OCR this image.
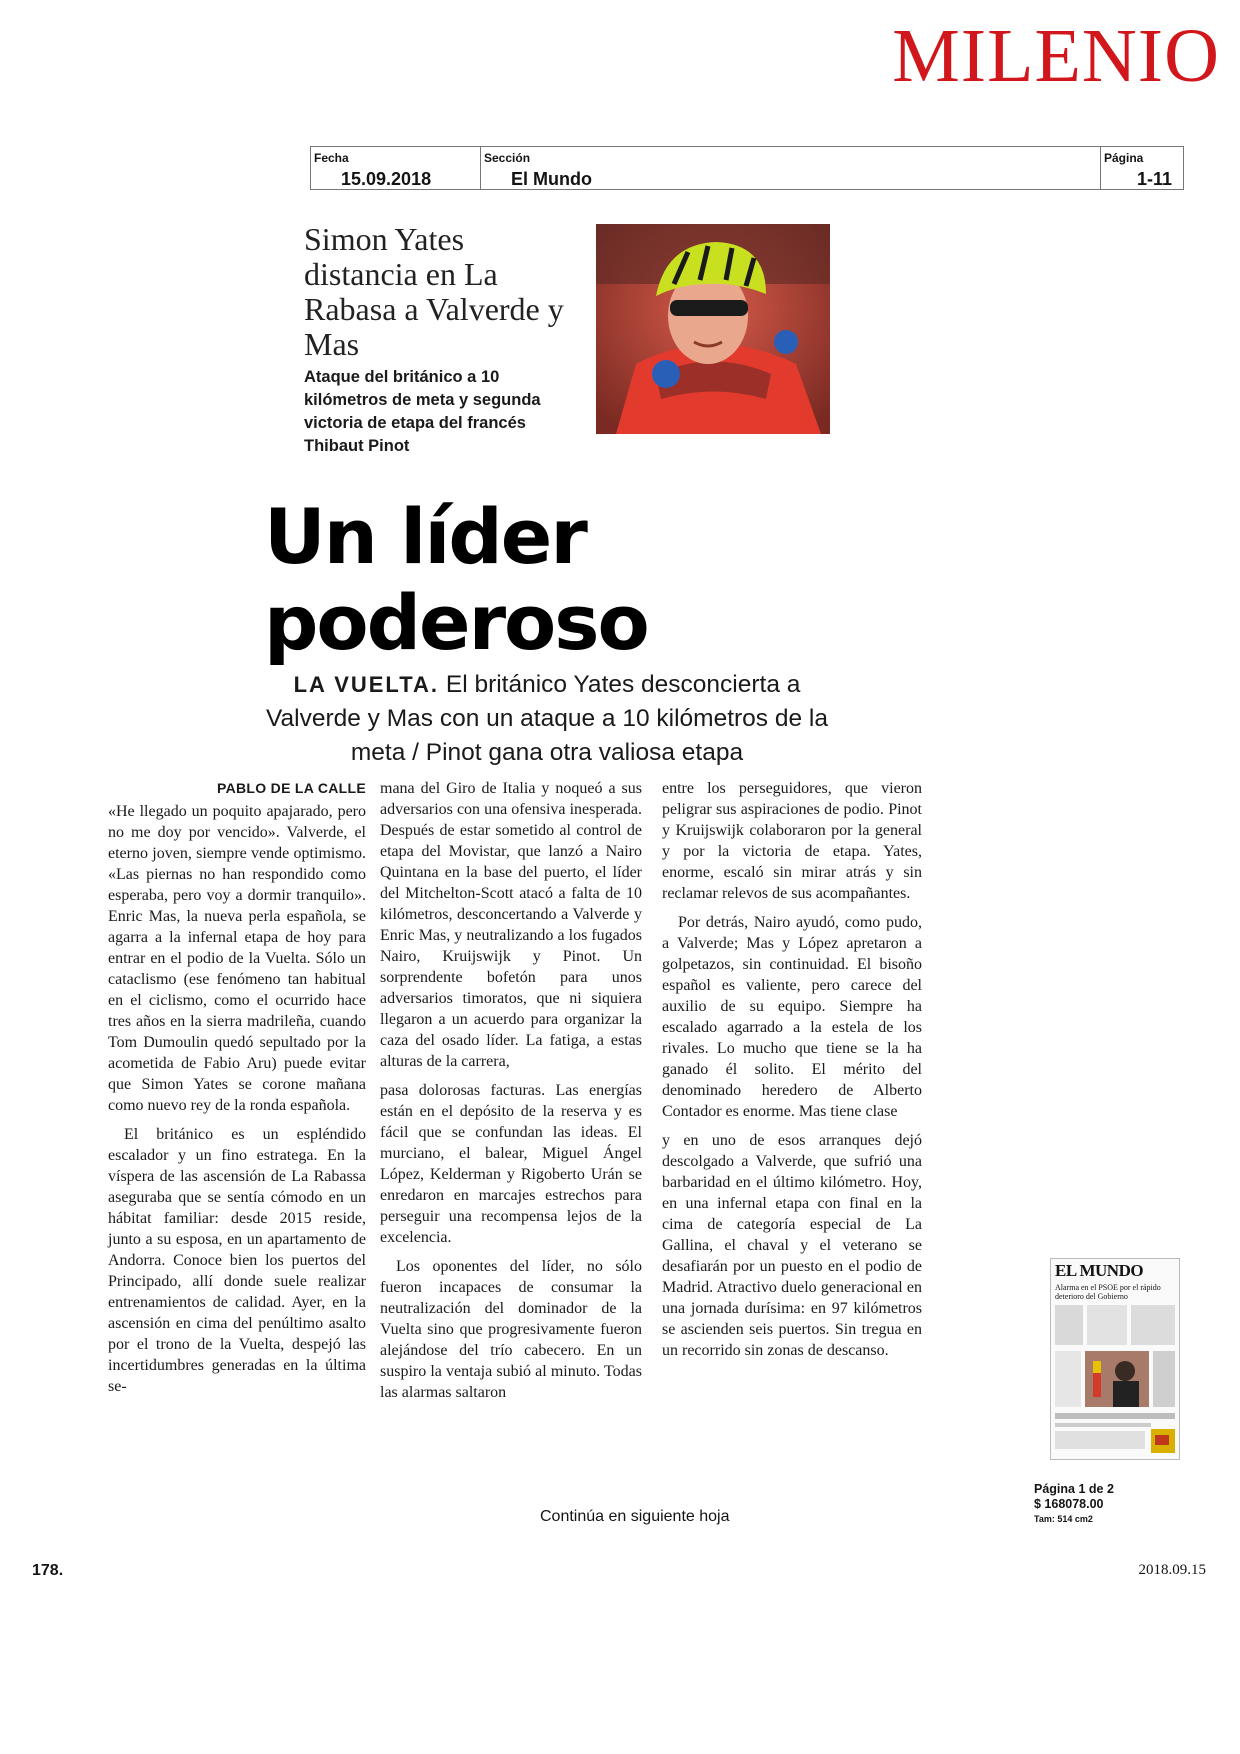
MILENIO
Fecha
15.09.2018
Sección
El Mundo
Página
1-11
Simon Yates distancia en La Rabasa a Valverde y Mas
Ataque del británico a 10 kilómetros de meta y segunda victoria de etapa del francés Thibaut Pinot
Un líder poderoso
LA VUELTA. El británico Yates desconcierta a Valverde y Mas con un ataque a 10 kilómetros de la meta / Pinot gana otra valiosa etapa
PABLO DE LA CALLE

«He llegado un poquito apajarado, pero no me doy por vencido». Valverde, el eterno joven, siempre vende optimismo. «Las piernas no han respondido como esperaba, pero voy a dormir tranquilo». Enric Mas, la nueva perla española, se agarra a la infernal etapa de hoy para entrar en el podio de la Vuelta. Sólo un cataclismo (ese fenómeno tan habitual en el ciclismo, como el ocurrido hace tres años en la sierra madrileña, cuando Tom Dumoulin quedó sepultado por la acometida de Fabio Aru) puede evitar que Simon Yates se corone mañana como nuevo rey de la ronda española.

El británico es un espléndido escalador y un fino estratega. En la víspera de las ascensión de La Rabassa aseguraba que se sentía cómodo en un hábitat familiar: desde 2015 reside, junto a su esposa, en un apartamento de Andorra. Conoce bien los puertos del Principado, allí donde suele realizar entrenamientos de calidad. Ayer, en la ascensión en cima del penúltimo asalto por el trono de la Vuelta, despejó las incertidumbres generadas en la última se-

mana del Giro de Italia y noqueó a sus adversarios con una ofensiva inesperada. Después de estar sometido al control de etapa del Movistar, que lanzó a Nairo Quintana en la base del puerto, el líder del Mitchelton-Scott atacó a falta de 10 kilómetros, desconcertando a Valverde y Enric Mas, y neutralizando a los fugados Nairo, Kruijswijk y Pinot. Un sorprendente bofetón para unos adversarios timoratos, que ni siquiera llegaron a un acuerdo para organizar la caza del osado líder. La fatiga, a estas alturas de la carrera,

pasa dolorosas facturas. Las energías están en el depósito de la reserva y es fácil que se confundan las ideas. El murciano, el balear, Miguel Ángel López, Kelderman y Rigoberto Urán se enredaron en marcajes estrechos para perseguir una recompensa lejos de la excelencia.

Los oponentes del líder, no sólo fueron incapaces de consumar la neutralización del dominador de la Vuelta sino que progresivamente fueron alejándose del trío cabecero. En un suspiro la ventaja subió al minuto. Todas las alarmas saltaron

entre los perseguidores, que vieron peligrar sus aspiraciones de podio. Pinot y Kruijswijk colaboraron por la general y por la victoria de etapa. Yates, enorme, escaló sin mirar atrás y sin reclamar relevos de sus acompañantes.

Por detrás, Nairo ayudó, como pudo, a Valverde; Mas y López apretaron a golpetazos, sin continuidad. El bisoño español es valiente, pero carece del auxilio de su equipo. Siempre ha escalado agarrado a la estela de los rivales. Lo mucho que tiene se la ha ganado él solito. El mérito del denominado heredero de Alberto Contador es enorme. Mas tiene clase

y en uno de esos arranques dejó descolgado a Valverde, que sufrió una barbaridad en el último kilómetro. Hoy, en una infernal etapa con final en la cima de categoría especial de La Gallina, el chaval y el veterano se desafiarán por un puesto en el podio de Madrid. Atractivo duelo generacional en una jornada durísima: en 97 kilómetros se ascienden seis puertos. Sin tregua en un recorrido sin zonas de descanso.

EL MUNDO
Alarma en el PSOE por el rápido deterioro del Gobierno
Página 1 de 2
$ 168078.00
Tam: 514 cm2
Continúa en siguiente hoja
178.	2018.09.15
